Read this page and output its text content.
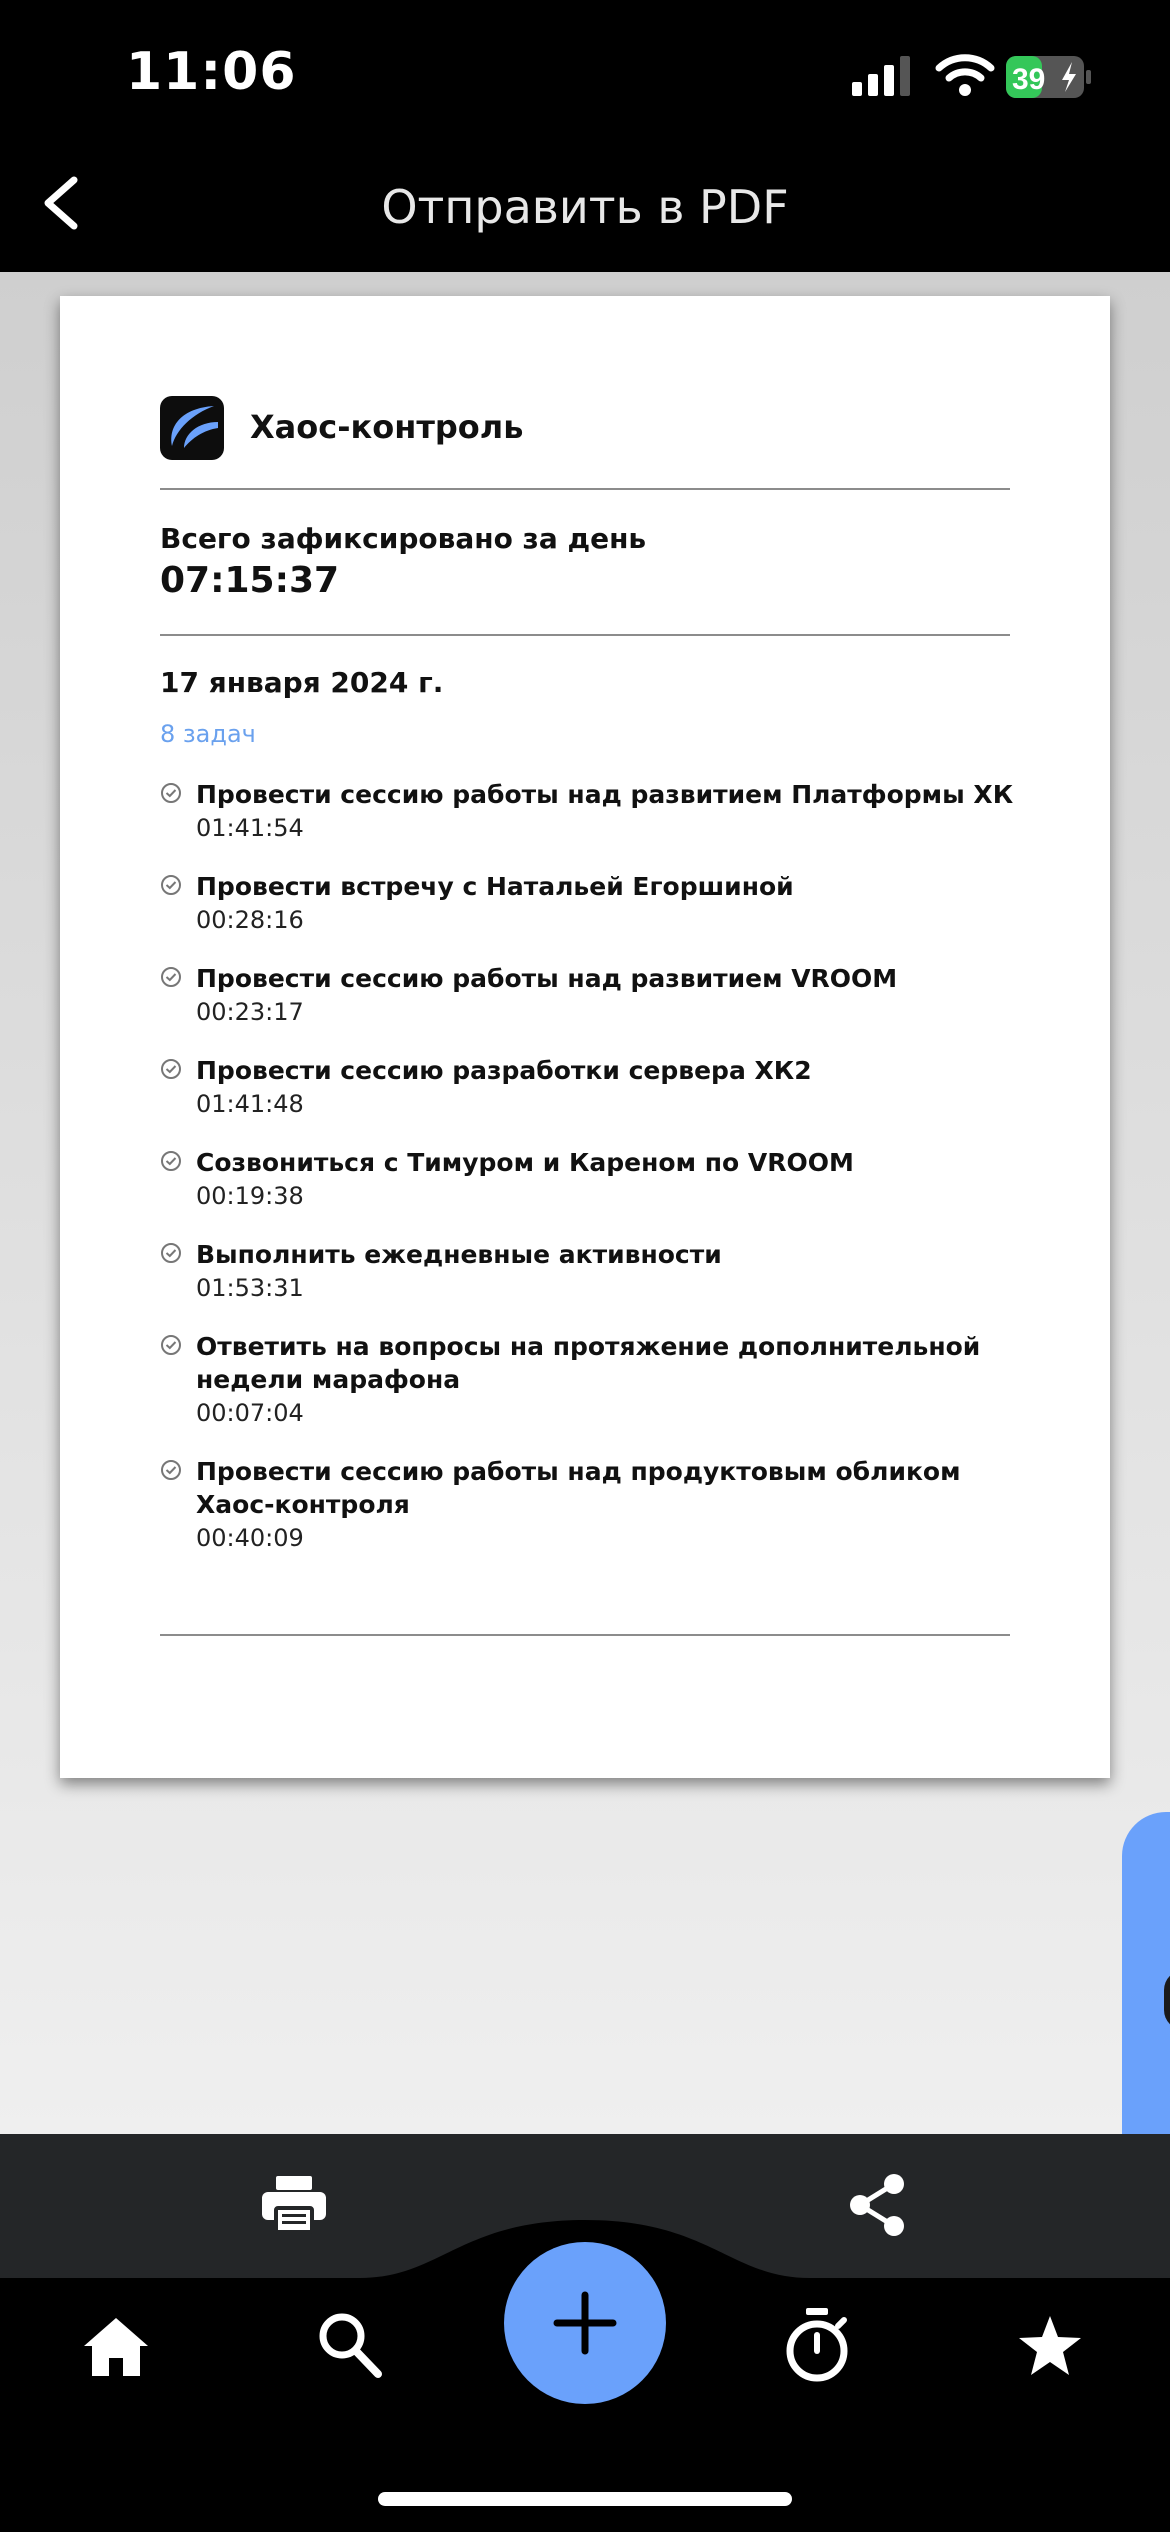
11:06	39
Отправить в PDF
Хаос-контроль
Всего зафиксировано за день
07:15:37
17 января 2024 г.
8 задач
Провести сессию работы над развитием Платформы ХК
01:41:54
Провести встречу с Натальей Егоршиной
00:28:16
Провести сессию работы над развитием VROOM
00:23:17
Провести сессию разработки сервера ХК2
01:41:48
Созвониться с Тимуром и Кареном по VROOM
00:19:38
Выполнить ежедневные активности
01:53:31
Ответить на вопросы на протяжение дополнительной недели марафона
00:07:04
Провести сессию работы над продуктовым обликом Хаос-контроля
00:40:09
